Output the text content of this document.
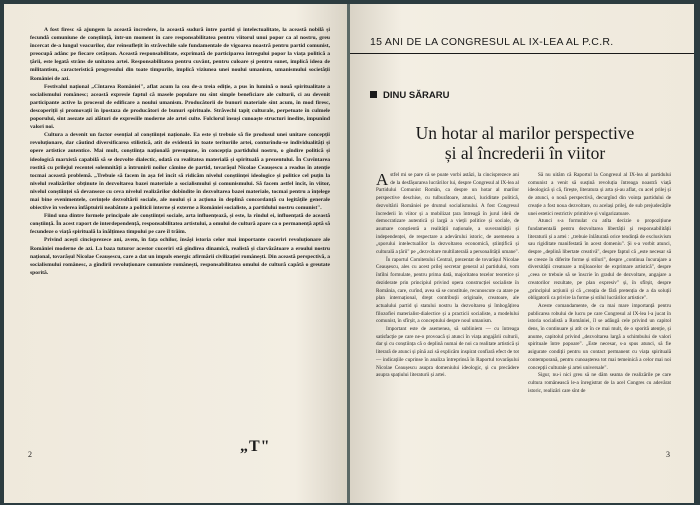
A fost firesc să ajungem la această încredere, la această sudură între partid și intelectualitate, la această nobilă și fecundă comuniune de conștiință, într-un moment în care responsabilitatea pentru viitorul unui popor ca al nostru, greu încercat de-a lungul veacurilor, dar reînsuflețit în străvechile sale fundamentale de vigoarea noastră pentru partid comunist, preocupă adânc pe fiecare cetățean. Această responsabilitate, exprimată de participarea întregului popor la viața politică a țării, este legată strâns de unitatea artei. Responsabilitatea pentru cuvânt, pentru culoare și pentru sunet, implică ideea de militantism, caracteristică progresului din toate timpurile, implică viziunea unei noului umanism, umanismului societății României de azi.

Festivalul național „Cîntarea României", aflat acum la cea de-a treia ediție, a pus în lumină o nouă spiritualitate a socialismului românesc; această expresie faptul că masele populare nu sînt simple beneficiare ale culturii, ci au devenit participante active la procesul de edificare a noului umanism. Producătorii de bunuri materiale sînt acum, în mod firesc, descoperiții și promovații în ipostaza de producători de bunuri spirituale. Străvechi tapiț culturale, perpetuate în culmele poporului, sînt asezate azi alături de expresiile moderne ale artei culte. Folclorul însuși cunoaște structuri inedite, impunînd valori noi.

Cultura a devenit un factor esențial al conștiinței naționale. Ea este și trebuie să fie produsul unei unitare concepții revoluționare, dar căutînd diversificarea stilistică, atît de evidentă în toate teritoriile artei, conturîndu-se individualități și opere artistice autentice. Mai mult, conștiința națională presupune, în concepția partidului nostru, o gîndire politică și ideologică marxistă capabilă să se dezvolte dialectic, odată cu realitatea materială și spirituală a prezentului. În Cuvîntarea rostită cu prilejul recentei solemnități a întrunirii noilor cămine de partid, tovarășul Nicolae Ceaușescu a readus în atenție tocmai această problemă. „Trebuie să facem în așa fel încît să ridicăm nivelul conștiinței ideologice și politice cel puțin la nivelul realizărilor obținute în dezvoltarea bazei materiale a socialismului și comunismului. Să facem astfel încît, în viitor, nivelul conștiinței să devanseze cu ceva nivelul realizărilor dobîndite în dezvoltarea bazei materiale, tocmai pentru a înțelege mai bine evenimentele, cerințele dezvoltării sociale, ale noului și a acționa în deplină concordanță cu legitățile generale obiective în vederea înfăptuirii neabătute a politicii interne și externe a României socialiste, a partidului nostru comunist".

Fiind una dintre formele principale ale conștiinței sociale, arta influențează, și este, la rîndul ei, influențată de această conștiință. În acest raport de interdependență, responsabilitatea artistului, a omului de cultură apare ca o permanență aptă să fecundeze o viață spirituală la înălțimea timpului pe care îl trăim.

Privind acești cincisprezece ani, avem, în fața ochilor, însăși istoria celor mai importante cuceriri revoluționare ale României moderne de azi. La baza tuturor acestor cuceriri stă gîndirea dinamică, realistă și clarvăzătoare a eroului nostru național, tovarășul Nicolae Ceaușescu, care a dat un impuls energic afirmării civilizației românești. Din această perspectivă, a socialismului românesc, a gîndirii revoluționare comuniste românești, responsabilitatea omului de cultură capătă o greutate sporită.

„T"
2
15 ANI DE LA CONGRESUL AL IX-LEA AL P.C.R.
DINU SĂRARU
Un hotar al marilor perspective
și al încrederii în viitor

Astfel mi se pare că se poate vorbi astăzi, la cincisprezece ani de la desfășurarea lucrărilor lui, despre Congresul al IX-lea al Partidului Comunist Român, ca despre un hotar al marilor perspective deschise, cu tulburătoare, atunci, luciditate politică, dezvoltării României pe drumul socialismului. A fost Congresul încrederii în viitor și a mobilizat țara întreagă în jurul ideii de democratizare autentică și largă a vieții politice și sociale, de asumare conștientă a realității naționale, a suveranității și independenței, de respectare a adevărului istoric, de asemenea a „sporului intelectualilor la dezvoltarea economică, științifică și culturală a țării" pe „dezvoltare multilaterală a personalității umane".

În raportul Comitetului Central, prezentat de tovarășul Nicolae Ceaușescu, ales cu acest prilej secretar general al partidului, vom întîlni formulate, pentru prima dată, majoritatea tezelor teoretice și deziderate prin principiul privind opera construcției socialiste în România, care, curînd, avea să se constituie, recunoscute ca atare pe plan internațional, drept contribuții originale, creatoare, ale actualului partid și statului nostru la dezvoltarea și îmbogățirea filozofiei materialist-dialectice și a practicii socialiste, a modelului comunist, în sfîrșit, a conceptului despre noul umanism.

Important este de asemenea, să subliniem — cu întreaga satisfacție pe care ne-o provoacă și atunci în viața angajării culturii, dar și cu conștiința că o deplină numai de noi ca realitate artistică și literară de atunci și pînă azi să explicăm inspirat confiară efect de tot — indicațiile cuprinse în analiza întreprinsă în Raportul tovarășului Nicolae Ceaușescu asupra domeniului ideologic, și cu precădere asupra spațiului literaturii și artei.

Să nu uităm că Raportul la Congresul al IX-lea al partidului comunist a venit să susțină revoluția întreaga noastră viață ideologică și că, firește, literatura și arta și-au aflat, cu acel prilej și de atunci, o nouă perspectivă, decurgînd din voința partidului de creație a fost noua dezvoltare, cu același prilej, de sub prejudecățile unei estetici restrictiv primitive și vulgarizatoare.

Atunci s-a formulat cu atîta decizie o propozițiune fundamentală pentru dezvoltarea libertății și responsabilității literaturii și a artei : „trebuie înlăturată orice tendință de exclusivism sau rigiditate manifestată în acest domeniu". Și s-a vorbit atunci, despre „deplină libertate creativă", despre faptul că „este necesar să se creeze în diferite forme și stiluri", despre „continua încurajare a diversității creatoare a mijloacelor de exprimare artistică", despre „ceea ce trebuie să se înscrie în gradul de dezvoltare, angajare a creatorilor rezultate, pe plan expresiv" și, în sfîrșit, despre „principiul acțiunii și că „creația de fără pretenția de a da soluții obligatorii ca privire la forme și stilul lucrărilor artistice".

Aceste comandamente, de ca mai mare importanță pentru publicarea robului de lucru pe care Congresul al IX-lea l-a jucat în istoria socialistă a României, îl se adăugă cele privind un capitol dens, în continuare și atît ce în ce mai mult, de o sporită atenție, și anume, capitolul privind „dezvoltarea largă a schimbului de valori spirituale între popoare". „Este necesar, s-a spus atunci, să fie asigurate condiții pentru un contact permanent cu viața spirituală contemporană, pentru cunoașterea tot mai temeinică a celor mai noi concepții culturale și artei universale".

Sigur, nu-i nici greu să ne dăm seama de realizările pe care cultura românească le-a înregistrat de la acel Congres cu adevărat istoric, realizări care sînt de

3
